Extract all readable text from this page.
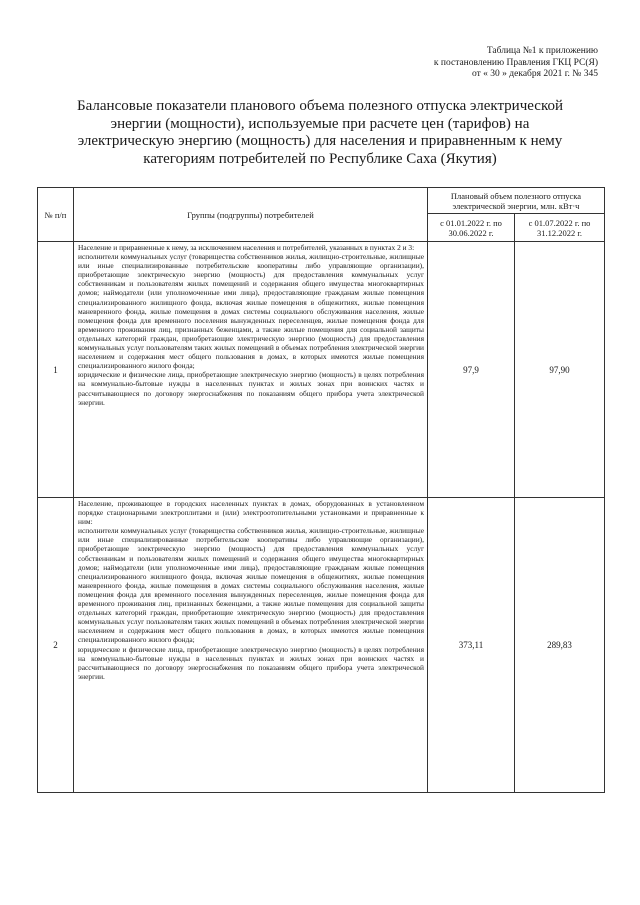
Таблица №1 к приложению
к постановлению Правления ГКЦ РС(Я)
от « 30 » декабря 2021 г. № 345
Балансовые показатели планового объема полезного отпуска электрической энергии (мощности), используемые при расчете цен (тарифов) на электрическую энергию (мощность) для населения и приравненным к нему категориям потребителей по Республике Саха (Якутия)
№ п/п	Группы (подгруппы) потребителей	Плановый объем полезного отпуска электрической энергии, млн. кВт·ч	
		с 01.01.2022 г. по 30.06.2022 г.	с 01.07.2022 г. по 31.12.2022 г.
1	Население и приравненные к нему, за исключением населения и потребителей, указанных в пунктах 2 и 3:

исполнители коммунальных услуг (товарищества собственников жилья, жилищно-строительные, жилищные или иные специализированные потребительские кооперативы либо управляющие организации), приобретающие электрическую энергию (мощность) для предоставления коммунальных услуг собственникам и пользователям жилых помещений и содержания общего имущества многоквартирных домов; наймодатели (или уполномоченные ими лица), предоставляющие гражданам жилые помещения специализированного жилищного фонда, включая жилые помещения в общежитиях, жилые помещения маневренного фонда, жилые помещения в домах системы социального обслуживания населения, жилые помещения фонда для временного поселения вынужденных переселенцев, жилые помещения фонда для временного проживания лиц, признанных беженцами, а также жилые помещения для социальной защиты отдельных категорий граждан, приобретающие электрическую энергию (мощность) для предоставления коммунальных услуг пользователям таких жилых помещений в объемах потребления электрической энергии населением и содержания мест общего пользования в домах, в которых имеются жилые помещения специализированного жилого фонда;

юридические и физические лица, приобретающие электрическую энергию (мощность) в целях потребления на коммунально-бытовые нужды в населенных пунктах и жилых зонах при воинских частях и рассчитывающиеся по договору энергоснабжения по показаниям общего прибора учета электрической энергии.	97,9	97,90
2	Население, проживающее в городских населенных пунктах в домах, оборудованных в установленном порядке стационарными электроплитами и (или) электроотопительными установками и приравненные к ним:

исполнители коммунальных услуг (товарищества собственников жилья, жилищно-строительные, жилищные или иные специализированные потребительские кооперативы либо управляющие организации), приобретающие электрическую энергию (мощность) для предоставления коммунальных услуг собственникам и пользователям жилых помещений и содержания общего имущества многоквартирных домов; наймодатели (или уполномоченные ими лица), предоставляющие гражданам жилые помещения специализированного жилищного фонда, включая жилые помещения в общежитиях, жилые помещения маневренного фонда, жилые помещения в домах системы социального обслуживания населения, жилые помещения фонда для временного поселения вынужденных переселенцев, жилые помещения фонда для временного проживания лиц, признанных беженцами, а также жилые помещения для социальной защиты отдельных категорий граждан, приобретающие электрическую энергию (мощность) для предоставления коммунальных услуг пользователям таких жилых помещений в объемах потребления электрической энергии населением и содержания мест общего пользования в домах, в которых имеются жилые помещения специализированного жилого фонда;

юридические и физические лица, приобретающие электрическую энергию (мощность) в целях потребления на коммунально-бытовые нужды в населенных пунктах и жилых зонах при воинских частях и рассчитывающиеся по договору энергоснабжения по показаниям общего прибора учета электрической энергии.	373,11	289,83
